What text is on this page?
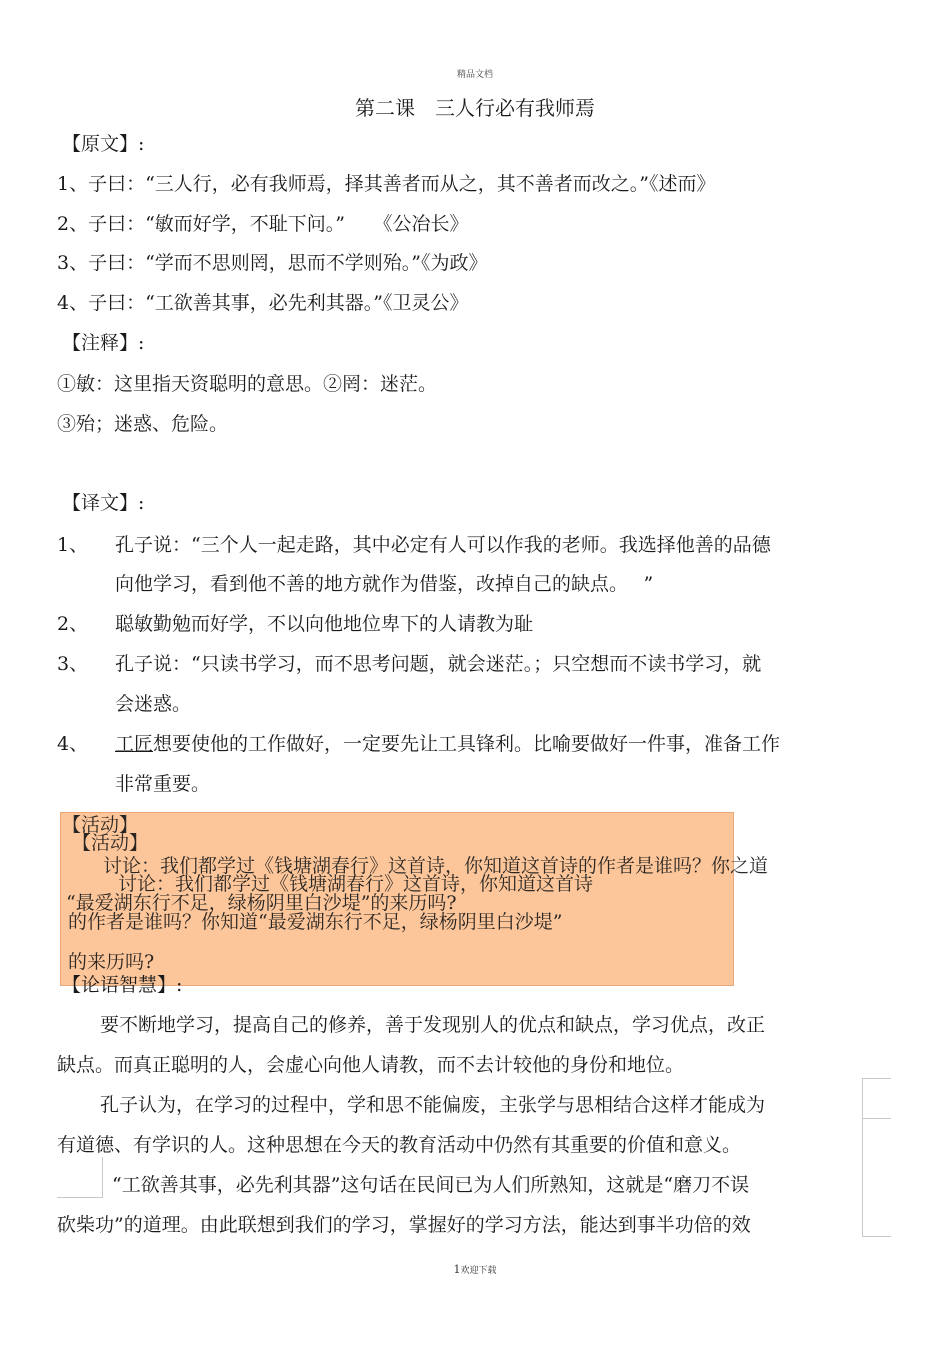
精品文档
第二课　三人行必有我师焉
【原文】:
1、子曰：“三人行，必有我师焉，择其善者而从之，其不善者而改之。”《述而》
2、子曰：“敏而好学，不耻下问。”　　《公冶长》
3、子曰：“学而不思则罔，思而不学则殆。”《为政》
4、子曰：“工欲善其事，必先利其器。”《卫灵公》
【注释】:
①敏：这里指天资聪明的意思。②罔：迷茫。
③殆；迷惑、危险。
【译文】:
1、 孔子说：“三个人一起走路，其中必定有人可以作我的老师。我选择他善的品德
向他学习，看到他不善的地方就作为借鉴，改掉自己的缺点。　 ”
2、 聪敏勤勉而好学，不以向他地位卑下的人请教为耻
3、 孔子说：“只读书学习，而不思考问题，就会迷茫。；只空想而不读书学习，就
会迷惑。
4、 工匠想要使他的工作做好，一定要先让工具锋利。比喻要做好一件事，准备工作
非常重要。
【活动】
【活动】
讨论：我们都学过《钱塘湖春行》这首诗，你知道这首诗的作者是谁吗？你之道
讨论：我们都学过《钱塘湖春行》这首诗，你知道这首诗
“最爱湖东行不足，绿杨阴里白沙堤”的来历吗?
的作者是谁吗？你知道“最爱湖东行不足，绿杨阴里白沙堤”
的来历吗?
【论语智慧】:
要不断地学习，提高自己的修养，善于发现别人的优点和缺点，学习优点，改正
缺点。而真正聪明的人，会虚心向他人请教，而不去计较他的身份和地位。
孔子认为，在学习的过程中，学和思不能偏废，主张学与思相结合这样才能成为
有道德、有学识的人。这种思想在今天的教育活动中仍然有其重要的价值和意义。
“工欲善其事，必先利其器”这句话在民间已为人们所熟知，这就是“磨刀不误
砍柴功”的道理。由此联想到我们的学习，掌握好的学习方法，能达到事半功倍的效
1欢迎下载
